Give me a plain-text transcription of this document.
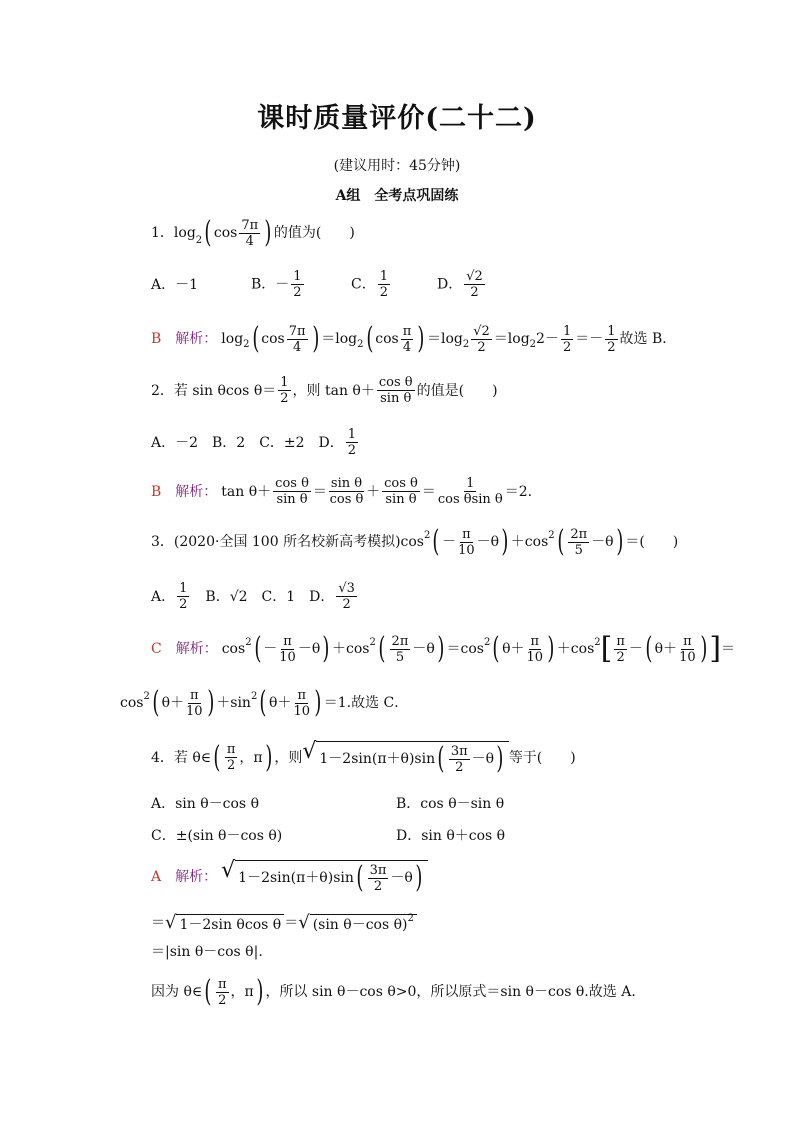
课时质量评价(二十二)
(建议用时：45分钟)
A组　全考点巩固练
1． $\log_2$ ( $\cos \frac{7\pi}{4}$ ) 的值为(　　)
A．－1	B．－ $\frac{1}{2}$	C． $\frac{1}{2}$	D． $\frac{√2}{2}$
B 解析： log 2 ( $\cos \frac{7\pi}{4}$ ) ＝log 2 ( $\cos \frac{\pi}{4}$ ) ＝log $2 \frac{√2}{2} =\log$ 2 $2- \frac{1}{2} =- \frac{1}{2}$ 故选 B．
2．若 sin θcos $\theta= \frac{1}{2}$ ，则 $\tan \theta+ \frac{\text{cos θ}}{\text{sin θ}}$ 的值是(　　)
A．－2　B．2　C．±2　D． $\frac{1}{2}$
B 解析： $\tan \theta+ \frac{\text{cos θ}}{\text{sin θ}} = \frac{\text{sin θ}}{\text{cos θ}} + \frac{\text{cos θ}}{\text{sin θ}} = \frac{1}{\text{cos θsin θ}} =2$.
3．(2020·全国 100 所名校新高考模拟)cos 2 ( － $\frac{\pi}{10} -\theta$ ) ＋cos 2 ( $\frac{2\pi}{5} -\theta$ ) ＝(　　)
A． $\frac{1}{2}$ 　B．√2　C．1　D． $\frac{√3}{2}$
C 解析： cos 2 ( － $\frac{\pi}{10} -\theta$ ) ＋cos 2 ( $\frac{2\pi}{5} -\theta$ ) ＝cos 2 ( $\theta+ \frac{\pi}{10}$ ) ＋cos 2 [ $\frac{\pi}{2}$ － ( $\theta+ \frac{\pi}{10}$ ) ] ＝
cos 2 ( $\theta+ \frac{\pi}{10}$ ) ＋sin 2 ( $\theta+ \frac{\pi}{10}$ ) ＝1.故选 C．
4．若 θ∈ ( $\frac{\pi}{2}$ ，π ) ，则 √ 1－2sin(π＋θ)sin ( $\frac{3\pi}{2} -\theta$ ) 等于(　　)
A．sin θ－cos θ	B．cos θ－sin θ
C．±(sin θ－cos θ)	D．sin θ＋cos θ
A 解析： √ 1－2sin(π＋θ)sin ( $\frac{3\pi}{2} -\theta$ )
＝ √ 1－2sin θcos θ ＝ √ (sin θ－cos θ) 2
＝|sin θ－cos θ|.
因为 θ∈ ( $\frac{\pi}{2}$ ，π ) ，所以 sin θ－cos θ>0，所以原式＝sin θ－cos θ.故选 A．
